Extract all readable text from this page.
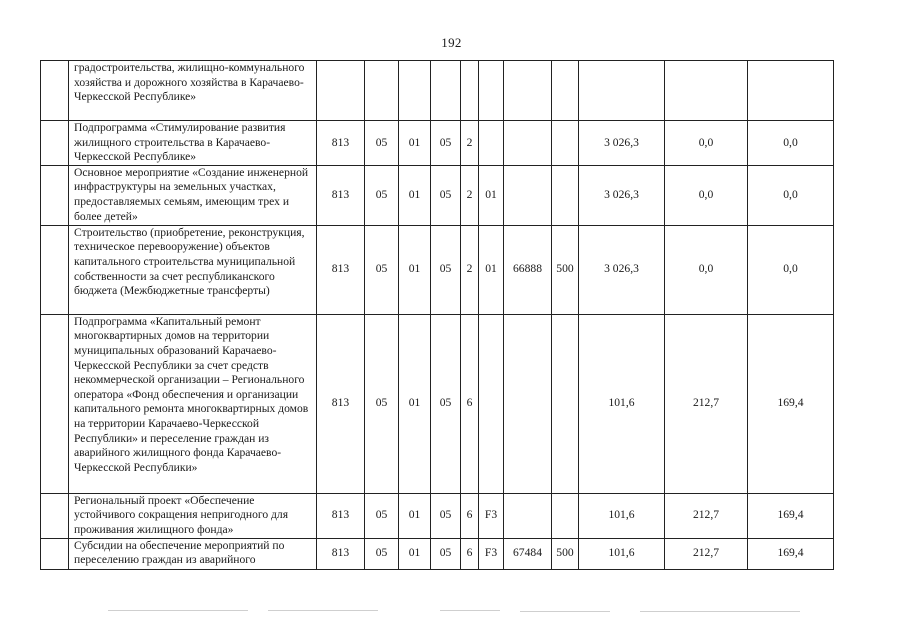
192
	градостроительства, жилищно-коммунального хозяйства и дорожного хозяйства в Карачаево-Черкесской Республике»											
	Подпрограмма «Стимулирование развития жилищного строительства в Карачаево-Черкесской Республике»	813	05	01	05	2				3 026,3	0,0	0,0
	Основное мероприятие «Создание инженерной инфраструктуры на земельных участках, предоставляемых семьям, имеющим трех и более детей»	813	05	01	05	2	01			3 026,3	0,0	0,0
	Строительство (приобретение, реконструкция, техническое перевооружение) объектов капитального строительства муниципальной собственности за счет республиканского бюджета (Межбюджетные трансферты)	813	05	01	05	2	01	66888	500	3 026,3	0,0	0,0
	Подпрограмма «Капитальный ремонт многоквартирных домов на территории муниципальных образований Карачаево-Черкесской Республики за счет средств некоммерческой организации – Регионального оператора «Фонд обеспечения и организации капитального ремонта многоквартирных домов на территории Карачаево-Черкесской Республики» и переселение граждан из аварийного жилищного фонда Карачаево-Черкесской Республики»	813	05	01	05	6				101,6	212,7	169,4
	Региональный проект «Обеспечение устойчивого сокращения непригодного для проживания жилищного фонда»	813	05	01	05	6	F3			101,6	212,7	169,4
	Субсидии на обеспечение мероприятий по переселению граждан из аварийного	813	05	01	05	6	F3	67484	500	101,6	212,7	169,4
